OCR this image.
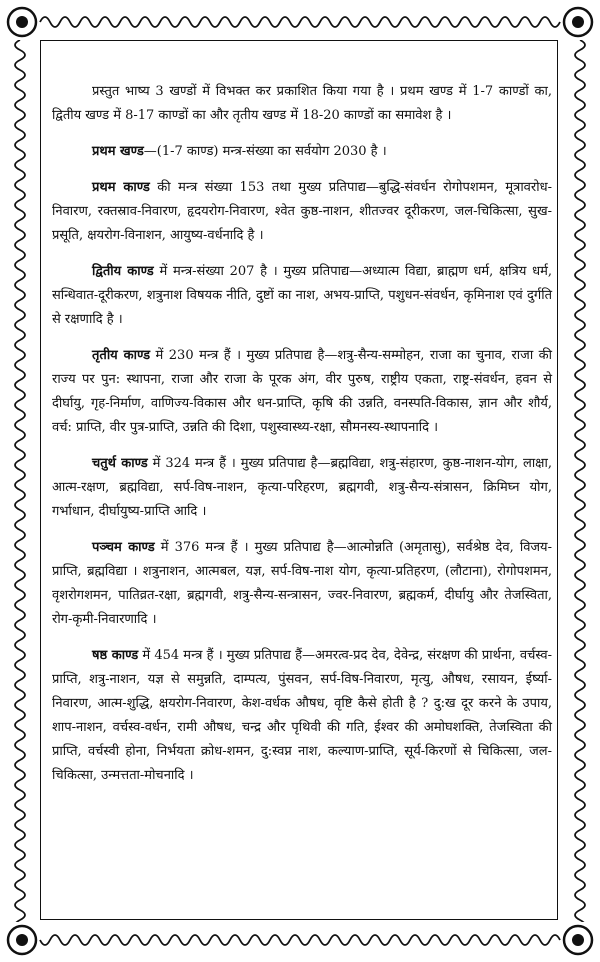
प्रस्तुत भाष्य 3 खण्डों में विभक्त कर प्रकाशित किया गया है । प्रथम खण्ड में 1-7 काण्डों का, द्वितीय खण्ड में 8-17 काण्डों का और तृतीय खण्ड में 18-20 काण्डों का समावेश है ।

प्रथम खण्ड—(1-7 काण्ड) मन्त्र-संख्या का सर्वयोग 2030 है ।

प्रथम काण्ड की मन्त्र संख्या 153 तथा मुख्य प्रतिपाद्य—बुद्धि-संवर्धन रोगोपशमन, मूत्रावरोध-निवारण, रक्तस्राव-निवारण, हृदयरोग-निवारण, श्वेत कुष्ठ-नाशन, शीतज्वर दूरीकरण, जल-चिकित्सा, सुख-प्रसूति, क्षयरोग-विनाशन, आयुष्य-वर्धनादि है ।

द्वितीय काण्ड में मन्त्र-संख्या 207 है । मुख्य प्रतिपाद्य—अध्यात्म विद्या, ब्राह्मण धर्म, क्षत्रिय धर्म, सन्धिवात-दूरीकरण, शत्रुनाश विषयक नीति, दुष्टों का नाश, अभय-प्राप्ति, पशुधन-संवर्धन, कृमिनाश एवं दुर्गति से रक्षणादि है ।

तृतीय काण्ड में 230 मन्त्र हैं । मुख्य प्रतिपाद्य है—शत्रु-सैन्य-सम्मोहन, राजा का चुनाव, राजा की राज्य पर पुन: स्थापना, राजा और राजा के पूरक अंग, वीर पुरुष, राष्ट्रीय एकता, राष्ट्र-संवर्धन, हवन से दीर्घायु, गृह-निर्माण, वाणिज्य-विकास और धन-प्राप्ति, कृषि की उन्नति, वनस्पति-विकास, ज्ञान और शौर्य, वर्च: प्राप्ति, वीर पुत्र-प्राप्ति, उन्नति की दिशा, पशुस्वास्थ्य-रक्षा, सौमनस्य-स्थापनादि ।

चतुर्थ काण्ड में 324 मन्त्र हैं । मुख्य प्रतिपाद्य है—ब्रह्मविद्या, शत्रु-संहारण, कुष्ठ-नाशन-योग, लाक्षा, आत्म-रक्षण, ब्रह्मविद्या, सर्प-विष-नाशन, कृत्या-परिहरण, ब्रह्मगवी, शत्रु-सैन्य-संत्रासन, क्रिमिघ्न योग, गर्भाधान, दीर्घायुष्य-प्राप्ति आदि ।

पञ्चम काण्ड में 376 मन्त्र हैं । मुख्य प्रतिपाद्य है—आत्मोन्नति (अमृतासु), सर्वश्रेष्ठ देव, विजय-प्राप्ति, ब्रह्मविद्या । शत्रुनाशन, आत्मबल, यज्ञ, सर्प-विष-नाश योग, कृत्या-प्रतिहरण, (लौटाना), रोगोपशमन, वृशरोगशमन, पातिव्रत-रक्षा, ब्रह्मगवी, शत्रु-सैन्य-सन्त्रासन, ज्वर-निवारण, ब्रह्मकर्म, दीर्घायु और तेजस्विता, रोग-कृमी-निवारणादि ।

षष्ठ काण्ड में 454 मन्त्र हैं । मुख्य प्रतिपाद्य हैं—अमरत्व-प्रद देव, देवेन्द्र, संरक्षण की प्रार्थना, वर्चस्व-प्राप्ति, शत्रु-नाशन, यज्ञ से समुन्नति, दाम्पत्य, पुंसवन, सर्प-विष-निवारण, मृत्यु, औषध, रसायन, ईर्ष्या-निवारण, आत्म-शुद्धि, क्षयरोग-निवारण, केश-वर्धक औषध, वृष्टि कैसे होती है ? दु:ख दूर करने के उपाय, शाप-नाशन, वर्चस्व-वर्धन, रामी औषध, चन्द्र और पृथिवी की गति, ईश्वर की अमोघशक्ति, तेजस्विता की प्राप्ति, वर्चस्वी होना, निर्भयता क्रोध-शमन, दु:स्वप्न नाश, कल्याण-प्राप्ति, सूर्य-किरणों से चिकित्सा, जल-चिकित्सा, उन्मत्तता-मोचनादि ।
